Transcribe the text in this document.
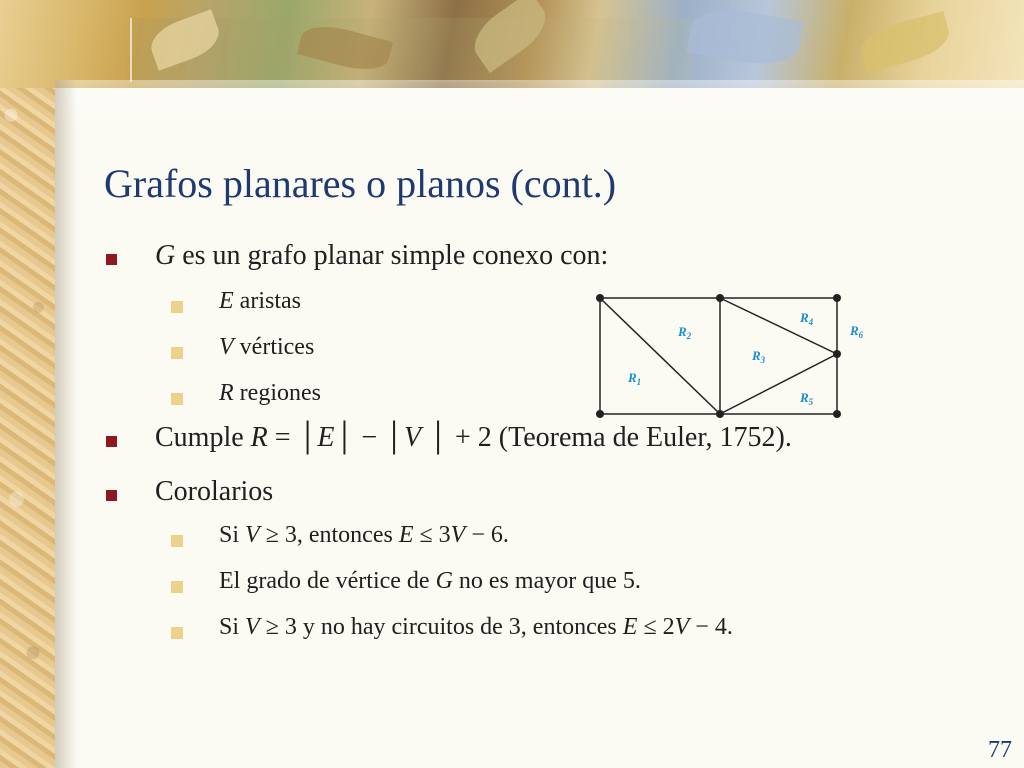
Grafos planares o planos (cont.)
G es un grafo planar simple conexo con:
E aristas
V vértices
R regiones
Cumple R = │E│ − │V │ + 2 (Teorema de Euler, 1752).
Corolarios
Si V ≥ 3, entonces E ≤ 3V − 6.
El grado de vértice de G no es mayor que 5.
Si V ≥ 3 y no hay circuitos de 3, entonces E ≤ 2V − 4.
$R_1$
$R_2$
$R_3$
$R_4$
$R_5$
$R_6$
77
